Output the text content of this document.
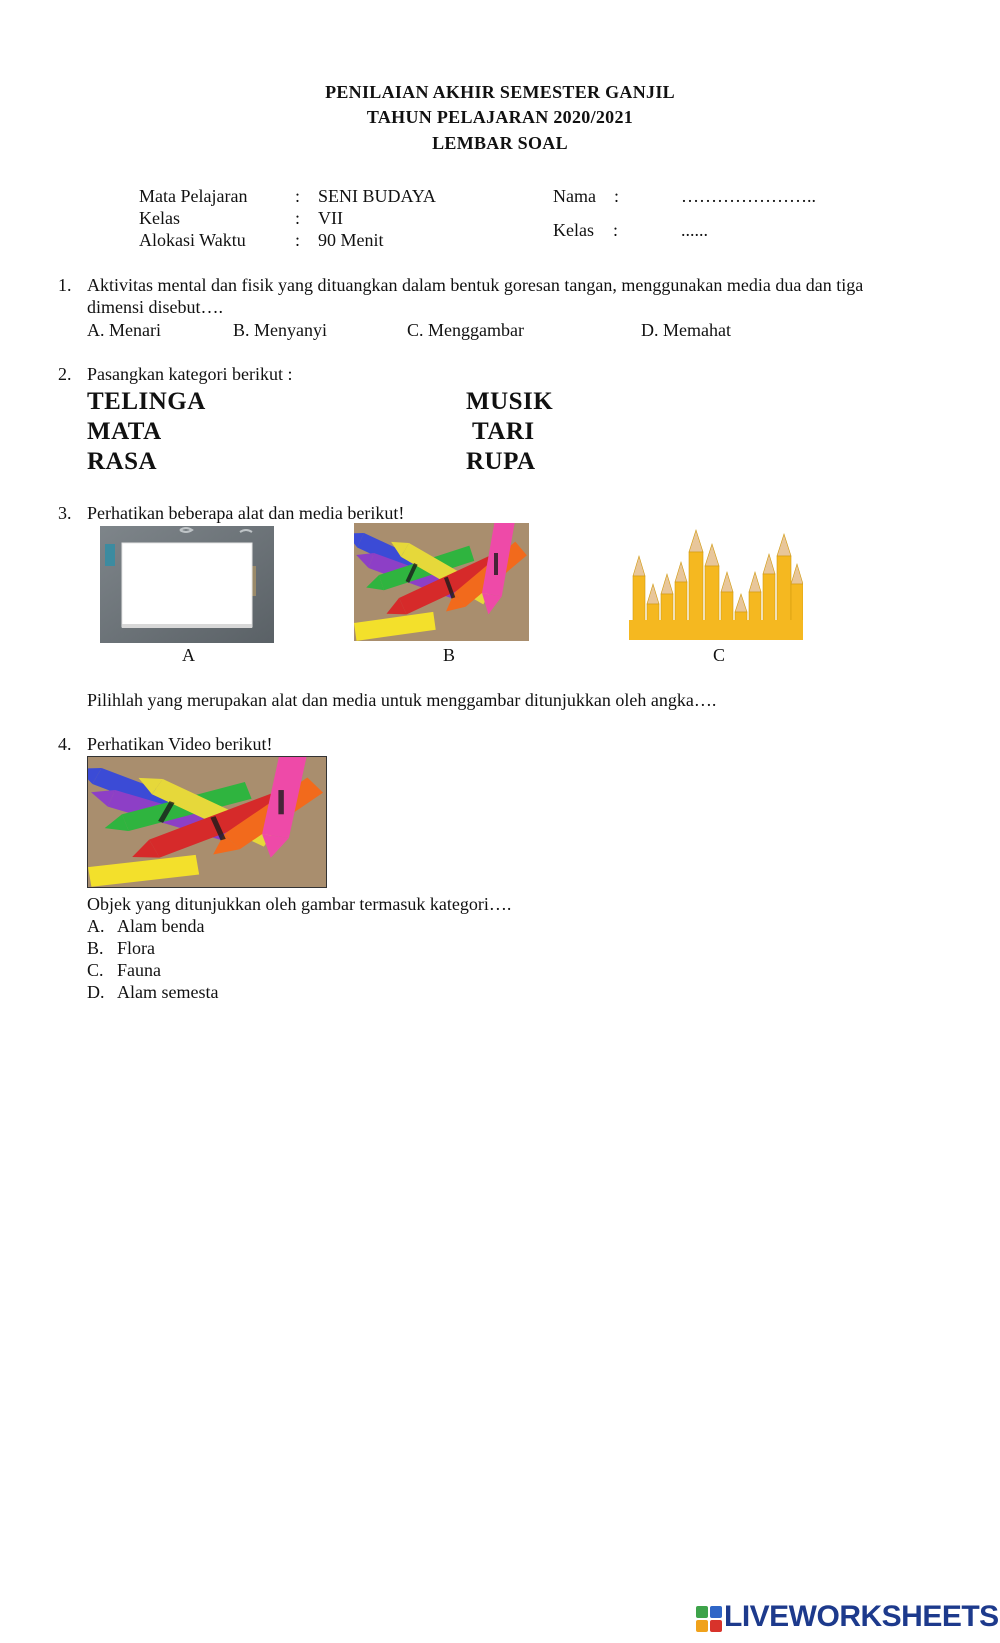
PENILAIAN AKHIR SEMESTER GANJIL
TAHUN PELAJARAN 2020/2021
LEMBAR SOAL
Mata Pelajaran	: SENI BUDAYA
Kelas	: VII
Alokasi Waktu	: 90 Menit
Nama :	…………………..
Kelas :	......
1. Aktivitas mental dan fisik yang dituangkan dalam bentuk goresan tangan, menggunakan media dua dan tiga
dimensi disebut….
A. Menari	B. Menyanyi	C. Menggambar	D. Memahat
2. Pasangkan kategori berikut :
TELINGA
MATA
RASA
MUSIK
TARI
RUPA
3. Perhatikan beberapa alat dan media berikut!
A	B	C
Pilihlah yang merupakan alat dan media untuk menggambar ditunjukkan oleh angka….
4. Perhatikan Video berikut!
Objek yang ditunjukkan oleh gambar termasuk kategori….
A. Alam benda
B. Flora
C. Fauna
D. Alam semesta
LIVEWORKSHEETS
